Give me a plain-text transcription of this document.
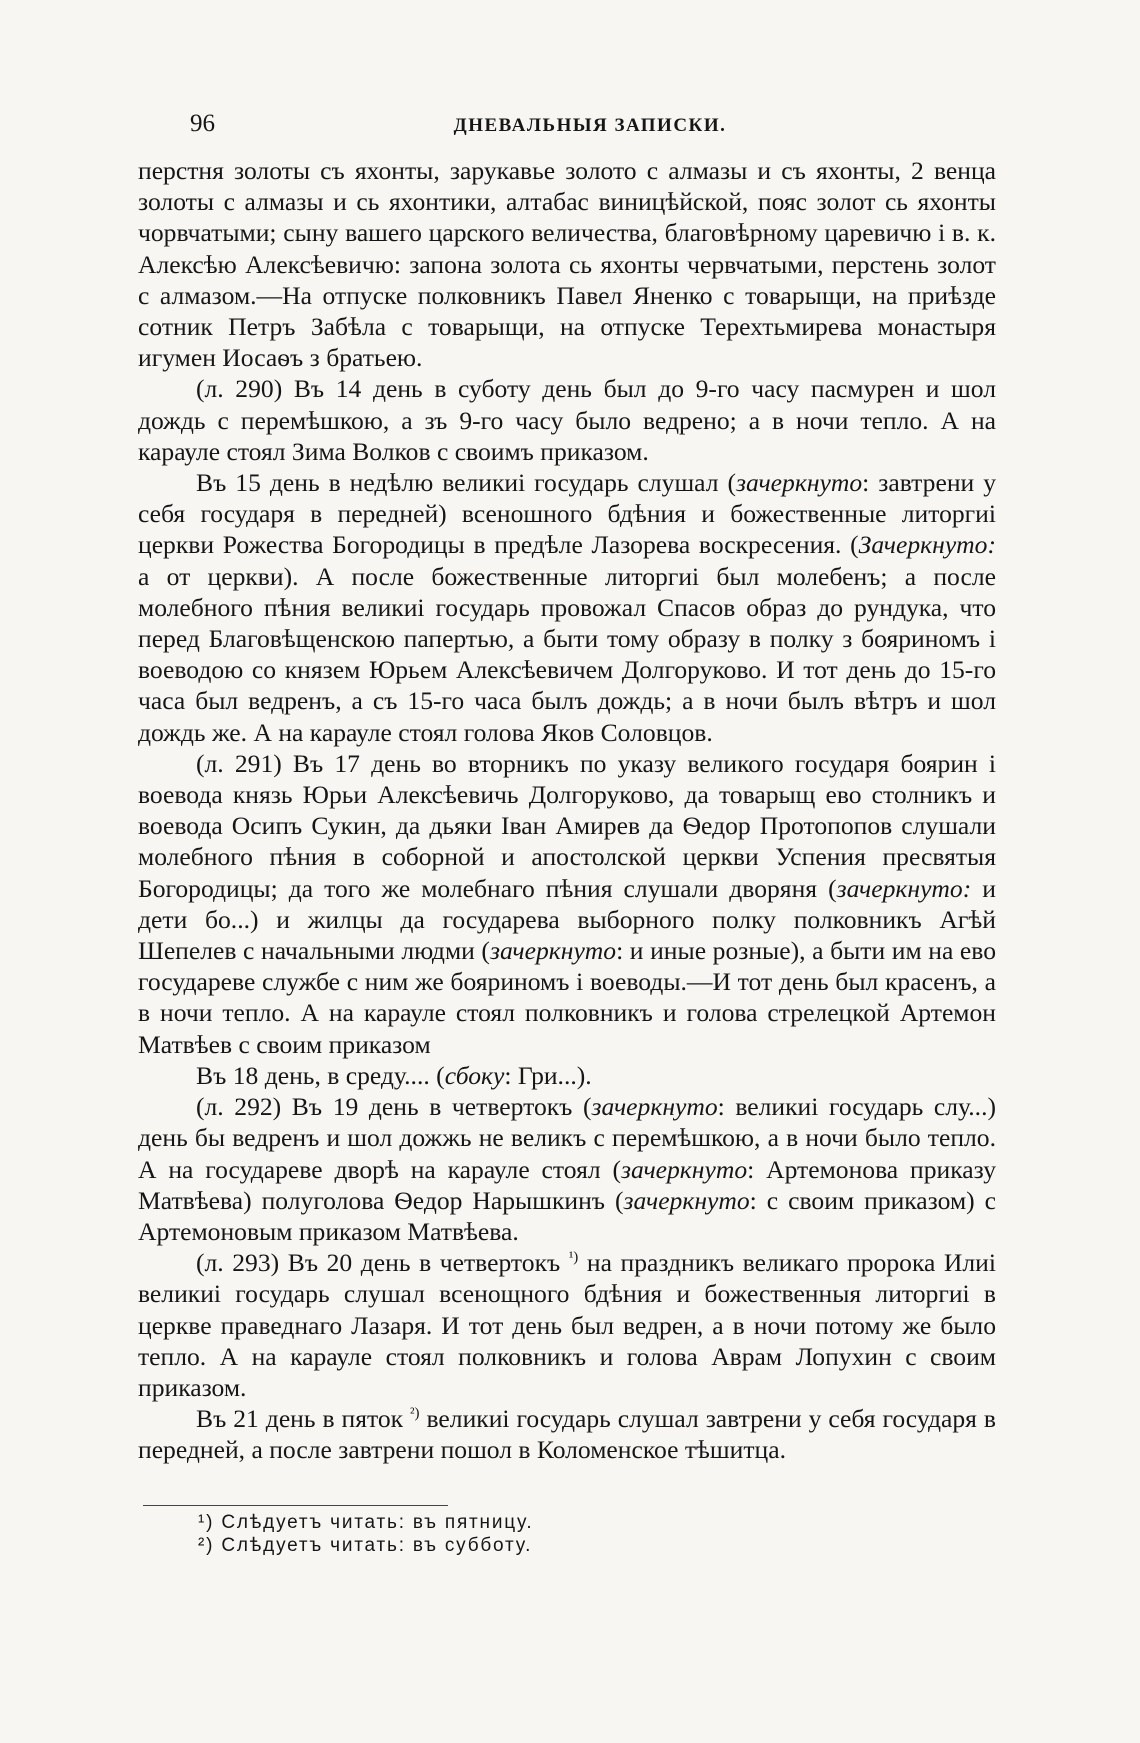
96	ДНЕВАЛЬНЫЯ ЗАПИСКИ.

перстня золоты съ яхонты, зарукавье золото с алмазы и съ яхонты, 2 венца золоты с алмазы и сь яхонтики, алтабас виницѣйской, пояс золот сь яхонты чорвчатыми; сыну вашего царского величества, благовѣрному царевичю і в. к. Алексѣю Алексѣевичю: запона золота сь яхонты червчатыми, перстень золот с алмазом.—На отпуске полковникъ Павел Яненко с товарыщи, на приѣзде сотник Петръ Забѣла с товарыщи, на отпуске Терехтьмирева монастыря игумен Иосаѳъ з братьею.

(л. 290) Въ 14 день в суботу день был до 9-го часу пасмурен и шол дождь с перемѣшкою, а зъ 9-го часу было ведрено; а в ночи тепло. А на карауле стоял Зима Волков с своимъ приказом.

Въ 15 день в недѣлю великиі государь слушал (зачеркнуто: завтрени у себя государя в передней) всеношного бдѣния и божественные литоргиі церкви Рожества Богородицы в предѣле Лазорева воскресения. (Зачеркнуто: а от церкви). А после божественные литоргиі был молебенъ; а после молебного пѣния великиі государь провожал Спасов образ до рундука, что перед Благовѣщенскою папертью, а быти тому образу в полку з бояриномъ і воеводою со князем Юрьем Алексѣевичем Долгоруково. И тот день до 15-го часа был ведренъ, а съ 15-го часа былъ дождь; а в ночи былъ вѣтръ и шол дождь же. А на карауле стоял голова Яков Соловцов.

(л. 291) Въ 17 день во вторникъ по указу великого государя боярин і воевода князь Юрьи Алексѣевичь Долгоруково, да товарыщ ево столникъ и воевода Осипъ Сукин, да дьяки Іван Амирев да Ѳедор Протопопов слушали молебного пѣния в соборной и апостолской церкви Успения пресвятыя Богородицы; да того же молебнаго пѣния слушали дворяня (зачеркнуто: и дети бо...) и жилцы да государева выборного полку полковникъ Агѣй Шепелев с начальными людми (зачеркнуто: и иные розные), а быти им на ево государеве службе с ним же бояриномъ і воеводы.—И тот день был красенъ, а в ночи тепло. А на карауле стоял полковникъ и голова стрелецкой Артемон Матвѣев с своим приказом

Въ 18 день, в среду.... (сбоку: Гри...).

(л. 292) Въ 19 день в четвертокъ (зачеркнуто: великиі государь слу...) день бы ведренъ и шол дожжь не великъ с перемѣшкою, а в ночи было тепло. А на государеве дворѣ на карауле стоял (зачеркнуто: Артемонова приказу Матвѣева) полуголова Ѳедор Нарышкинъ (зачеркнуто: с своим приказом) с Артемоновым приказом Матвѣева.

(л. 293) Въ 20 день в четвертокъ $^{^1)}$ на праздникъ великаго пророка Илиі великиі государь слушал всенощного бдѣния и божественныя литоргиі в церкве праведнаго Лазаря. И тот день был ведрен, а в ночи потому же было тепло. А на карауле стоял полковникъ и голова Аврам Лопухин с своим приказом.

Въ 21 день в пяток $^{^2)}$ великиі государь слушал завтрени у себя государя в передней, а после завтрени пошол в Коломенское тѣшитца.

¹) Слѣдуетъ читать: въ пятницу.
²) Слѣдуетъ читать: въ субботу.
